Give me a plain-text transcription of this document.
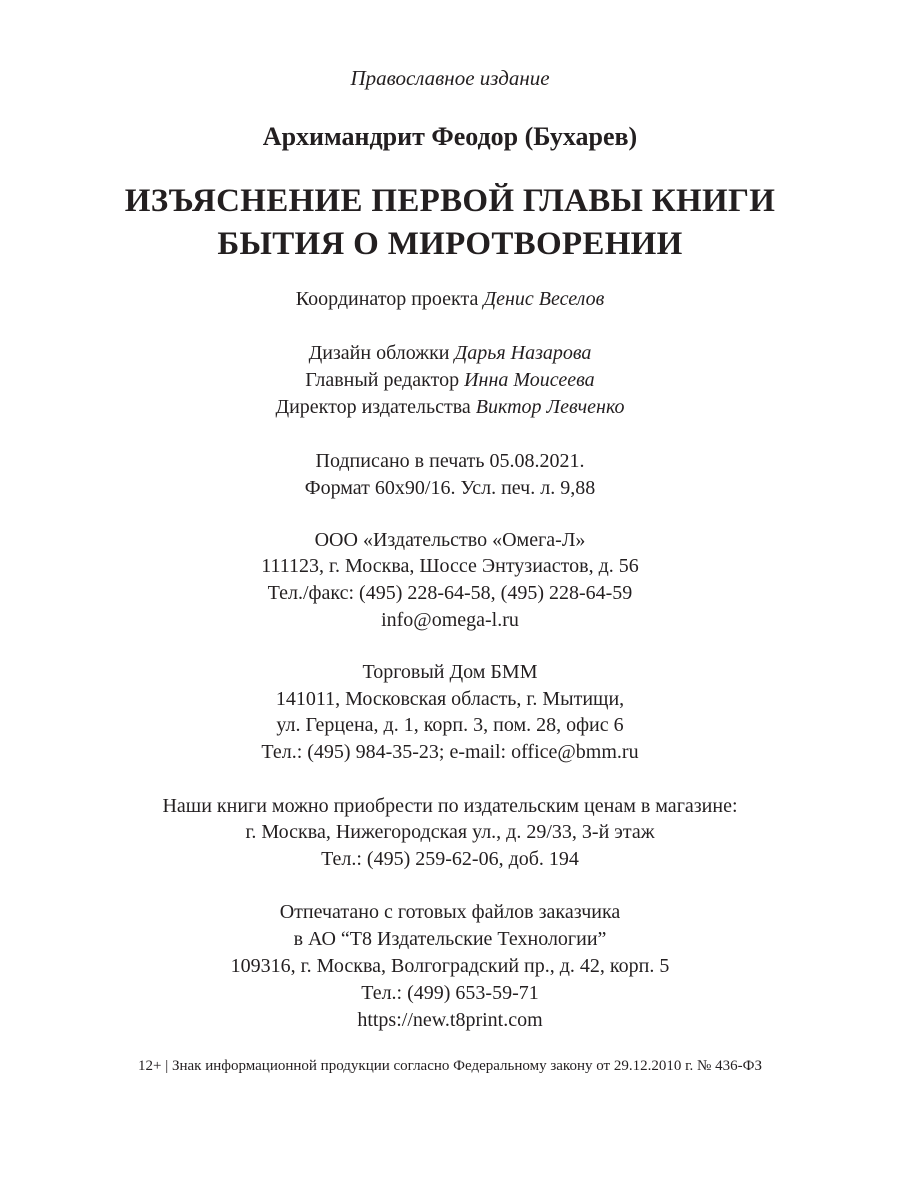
Православное издание
Архимандрит Феодор (Бухарев)
ИЗЪЯСНЕНИЕ ПЕРВОЙ ГЛАВЫ КНИГИ
БЫТИЯ О МИРОТВОРЕНИИ
Координатор проекта Денис Веселов
Дизайн обложки Дарья Назарова
Главный редактор Инна Моисеева
Директор издательства Виктор Левченко
Подписано в печать 05.08.2021.
Формат 60х90/16. Усл. печ. л. 9,88
ООО «Издательство «Омега-Л»
111123, г. Москва, Шоссе Энтузиастов, д. 56
Тел./факс: (495) 228-64-58, (495) 228-64-59
info@omega-l.ru
Торговый Дом БММ
141011, Московская область, г. Мытищи,
ул. Герцена, д. 1, корп. 3, пом. 28, офис 6
Тел.: (495) 984-35-23; e-mail: office@bmm.ru
Наши книги можно приобрести по издательским ценам в магазине:
г. Москва, Нижегородская ул., д. 29/33, 3-й этаж
Тел.: (495) 259-62-06, доб. 194
Отпечатано с готовых файлов заказчика
в АО “Т8 Издательские Технологии”
109316, г. Москва, Волгоградский пр., д. 42, корп. 5
Тел.: (499) 653-59-71
https://new.t8print.com
12+ | Знак информационной продукции согласно Федеральному закону от 29.12.2010 г. № 436-ФЗ
